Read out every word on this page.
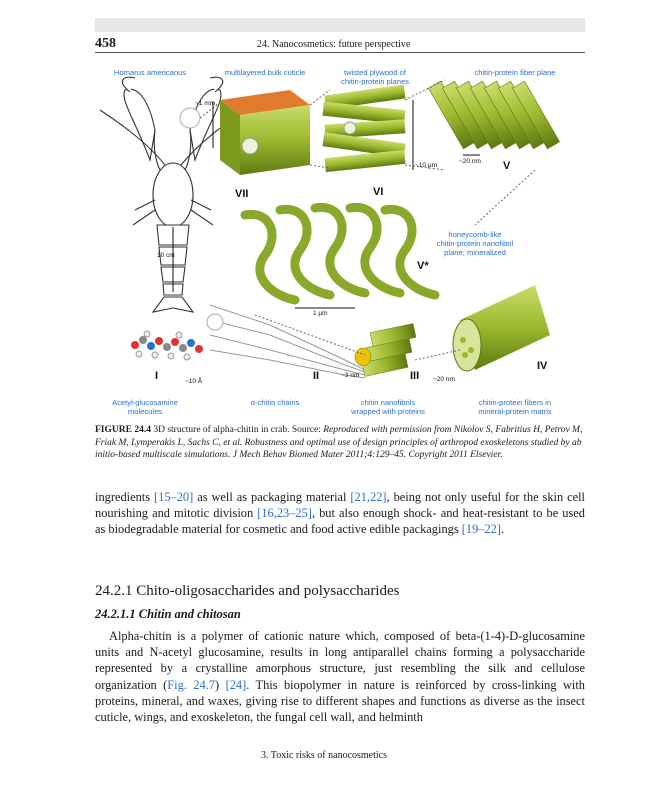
458	24. Nanocosmetics: future perspective
Homarus americanus	multilayered bulk cuticle	twisted plywood of
chitin-protein planes
chitin-protein fiber plane
honeycomb-like
chitin-protein nanofibril
plane; mineralized
Acetyl-glucosamine
molecules
α-chitin chains	chitin nanofibrils
wrapped with proteins
chitin-protein fibers in
mineral-protein matrix
VII	VI
V
V*
I	II	III
IV
~1 mm
10 cm
~10 μm
~20 nm
1 μm
~3 nm
~20 nm
~10 Å
FIGURE 24.4 3D structure of alpha-chitin in crab. Source: Reproduced with permission from Nikolov S, Fabritius H, Petrov M, Friak M, Lymperakis L, Sachs C, et al. Robustness and optimal use of design principles of arthropod exoskeletons studied by ab initio-based multiscale simulations. J Mech Behav Biomed Mater 2011;4:129–45. Copyright 2011 Elsevier.
ingredients [15–20] as well as packaging material [21,22], being not only useful for the skin cell nourishing and mitotic division [16,23–25], but also enough shock- and heat-resistant to be used as biodegradable material for cosmetic and food active edible packagings [19–22].
24.2.1 Chito-oligosaccharides and polysaccharides
24.2.1.1 Chitin and chitosan
Alpha-chitin is a polymer of cationic nature which, composed of beta-(1-4)-D-glucosamine units and N-acetyl glucosamine, results in long antiparallel chains forming a polysaccharide represented by a crystalline amorphous structure, just resembling the silk and cellulose organization (Fig. 24.7) [24]. This biopolymer in nature is reinforced by cross-linking with proteins, mineral, and waxes, giving rise to different shapes and functions as diverse as the insect cuticle, wings, and exoskeleton, the fungal cell wall, and helminth
3. Toxic risks of nanocosmetics
